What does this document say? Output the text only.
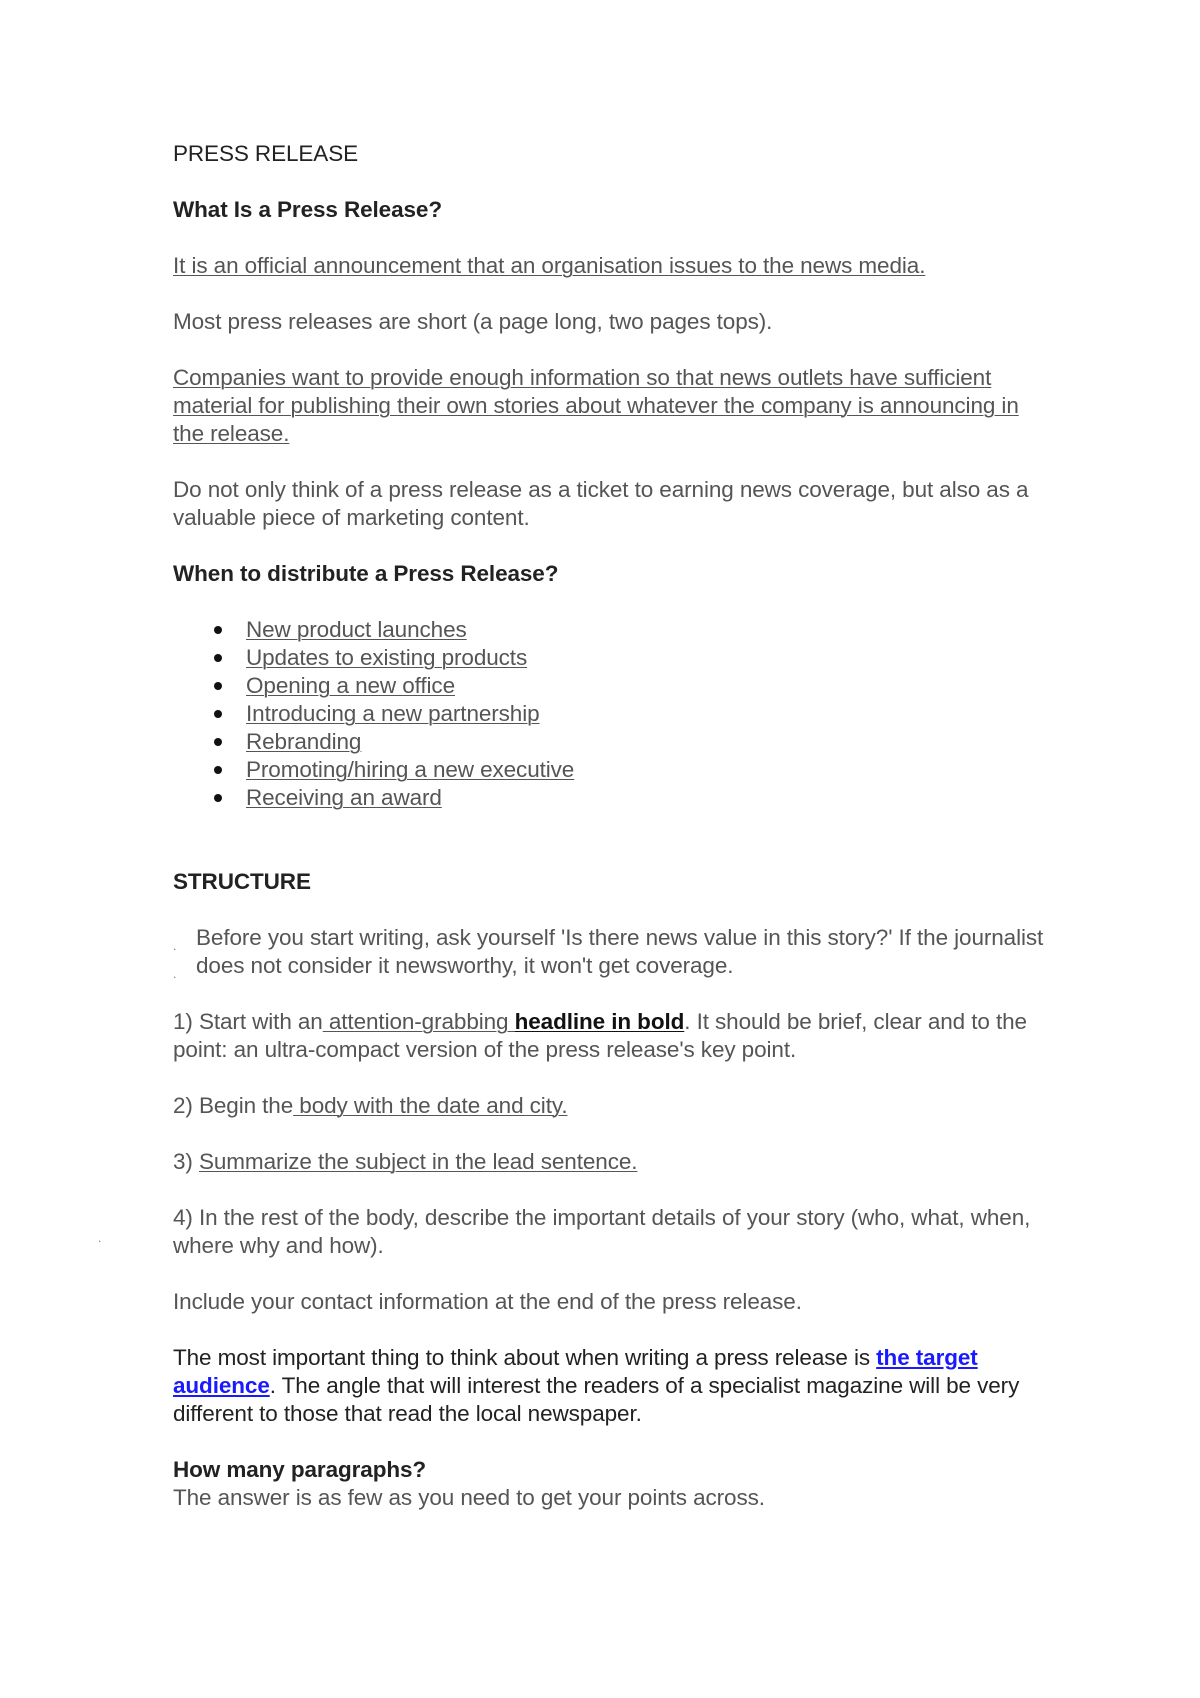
PRESS RELEASE

What Is a Press Release?

It is an official announcement that an organisation issues to the news media.

Most press releases are short (a page long, two pages tops).

Companies want to provide enough information so that news outlets have sufficient material for publishing their own stories about whatever the company is announcing in the release.

Do not only think of a press release as a ticket to earning news coverage, but also as a valuable piece of marketing content.

When to distribute a Press Release?

New product launches
Updates to existing products
Opening a new office
Introducing a new partnership
Rebranding
Promoting/hiring a new executive
Receiving an award

STRUCTURE

.
.
Before you start writing, ask yourself 'Is there news value in this story?' If the journalist does not consider it newsworthy, it won't get coverage.

1) Start with an attention-grabbing headline in bold. It should be brief, clear and to the point: an ultra-compact version of the press release's key point.

2) Begin the body with the date and city.

3) Summarize the subject in the lead sentence.

4) In the rest of the body, describe the important details of your story (who, what, when, where why and how).

Include your contact information at the end of the press release.

The most important thing to think about when writing a press release is the target audience. The angle that will interest the readers of a specialist magazine will be very different to those that read the local newspaper.

How many paragraphs?

The answer is as few as you need to get your points across.

.
